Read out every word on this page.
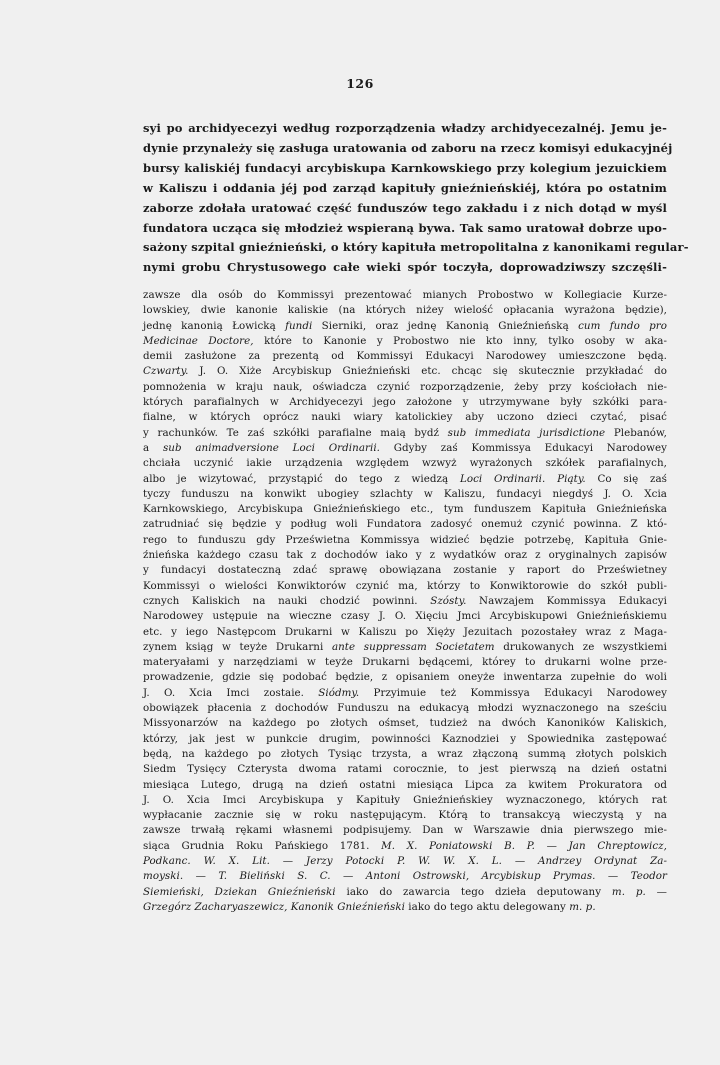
126
syi po archidyecezyi według rozporządzenia władzy archidyecezalnéj. Jemu je-
dynie przynależy się zasługa uratowania od zaboru na rzecz komisyi edukacyjnéj
bursy kaliskiéj fundacyi arcybiskupa Karnkowskiego przy kolegium jezuickiem
w Kaliszu i oddania jéj pod zarząd kapituły gnieźnieńskiéj, która po ostatnim
zaborze zdołała uratować część funduszów tego zakładu i z nich dotąd w myśl
fundatora ucząca się młodzież wspieraną bywa. Tak samo uratował dobrze upo-
sażony szpital gnieźnieński, o który kapituła metropolitalna z kanonikami regular-
nymi grobu Chrystusowego całe wieki spór toczyła, doprowadziwszy szczęśli-
zawsze dla osób do Kommissyi prezentować mianych Probostwo w Kollegiacie Kurze-
lowskiey, dwie kanonie kaliskie (na których niżey wielość opłacania wyrażona będzie),
jednę kanonią Łowicką fundi Sierniki, oraz jednę Kanonią Gnieźnieńską cum fundo pro
Medicinae Doctore, które to Kanonie y Probostwo nie kto inny, tylko osoby w aka-
demii zasłużone za prezentą od Kommissyi Edukacyi Narodowey umieszczone będą.
Czwarty. J. O. Xiże Arcybiskup Gnieźnieński etc. chcąc się skutecznie przykładać do
pomnożenia w kraju nauk, oświadcza czynić rozporządzenie, żeby przy kościołach nie-
których parafialnych w Archidyecezyi jego założone y utrzymywane były szkółki para-
fialne, w których oprócz nauki wiary katolickiey aby uczono dzieci czytać, pisać
y rachunków. Te zaś szkółki parafialne maią bydź sub immediata jurisdictione Plebanów,
a sub animadversione Loci Ordinarii. Gdyby zaś Kommissya Edukacyi Narodowey
chciała uczynić iakie urządzenia względem wzwyż wyrażonych szkółek parafialnych,
albo je wizytować, przystąpić do tego z wiedzą Loci Ordinarii. Piąty. Co się zaś
tyczy funduszu na konwikt ubogiey szlachty w Kaliszu, fundacyi niegdyś J. O. Xcia
Karnkowskiego, Arcybiskupa Gnieźnieńskiego etc., tym funduszem Kapituła Gnieźnieńska
zatrudniać się będzie y podług woli Fundatora zadosyć onemuż czynić powinna. Z któ-
rego to funduszu gdy Prześwietna Kommissya widzieć będzie potrzebę, Kapituła Gnie-
źnieńska każdego czasu tak z dochodów iako y z wydatków oraz z oryginalnych zapisów
y fundacyi dostateczną zdać sprawę obowiązana zostanie y raport do Prześwietney
Kommissyi o wielości Konwiktorów czynić ma, którzy to Konwiktorowie do szkół publi-
cznych Kaliskich na nauki chodzić powinni. Szósty. Nawzajem Kommissya Edukacyi
Narodowey ustępuie na wieczne czasy J. O. Xięciu Jmci Arcybiskupowi Gnieźnieńskiemu
etc. y iego Następcom Drukarni w Kaliszu po Xięży Jezuitach pozostałey wraz z Maga-
zynem ksiąg w teyże Drukarni ante suppressam Societatem drukowanych ze wszystkiemi
materyałami y narzędziami w teyże Drukarni będącemi, którey to drukarni wolne prze-
prowadzenie, gdzie się podobać będzie, z opisaniem oneyże inwentarza zupełnie do woli
J. O. Xcia Imci zostaie. Siódmy. Przyimuie też Kommissya Edukacyi Narodowey
obowiązek płacenia z dochodów Funduszu na edukacyą młodzi wyznaczonego na sześciu
Missyonarzów na każdego po złotych ośmset, tudzież na dwóch Kanoników Kaliskich,
którzy, jak jest w punkcie drugim, powinności Kaznodziei y Spowiednika zastępować
będą, na każdego po złotych Tysiąc trzysta, a wraz złączoną summą złotych polskich
Siedm Tysięcy Czterysta dwoma ratami corocznie, to jest pierwszą na dzień ostatni
miesiąca Lutego, drugą na dzień ostatni miesiąca Lipca za kwitem Prokuratora od
J. O. Xcia Imci Arcybiskupa y Kapituły Gnieźnieńskiey wyznaczonego, których rat
wypłacanie zacznie się w roku następującym. Którą to transakcyą wieczystą y na
zawsze trwałą rękami własnemi podpisujemy. Dan w Warszawie dnia pierwszego mie-
siąca Grudnia Roku Pańskiego 1781. M. X. Poniatowski B. P. — Jan Chreptowicz,
Podkanc. W. X. Lit. — Jerzy Potocki P. W. W. X. L. — Andrzey Ordynat Za-
moyski. — T. Bieliński S. C. — Antoni Ostrowski, Arcybiskup Prymas. — Teodor
Siemieński, Dziekan Gnieźnieński iako do zawarcia tego dzieła deputowany m. p. —
Grzegórz Zacharyaszewicz, Kanonik Gnieźnieński iako do tego aktu delegowany m. p.
